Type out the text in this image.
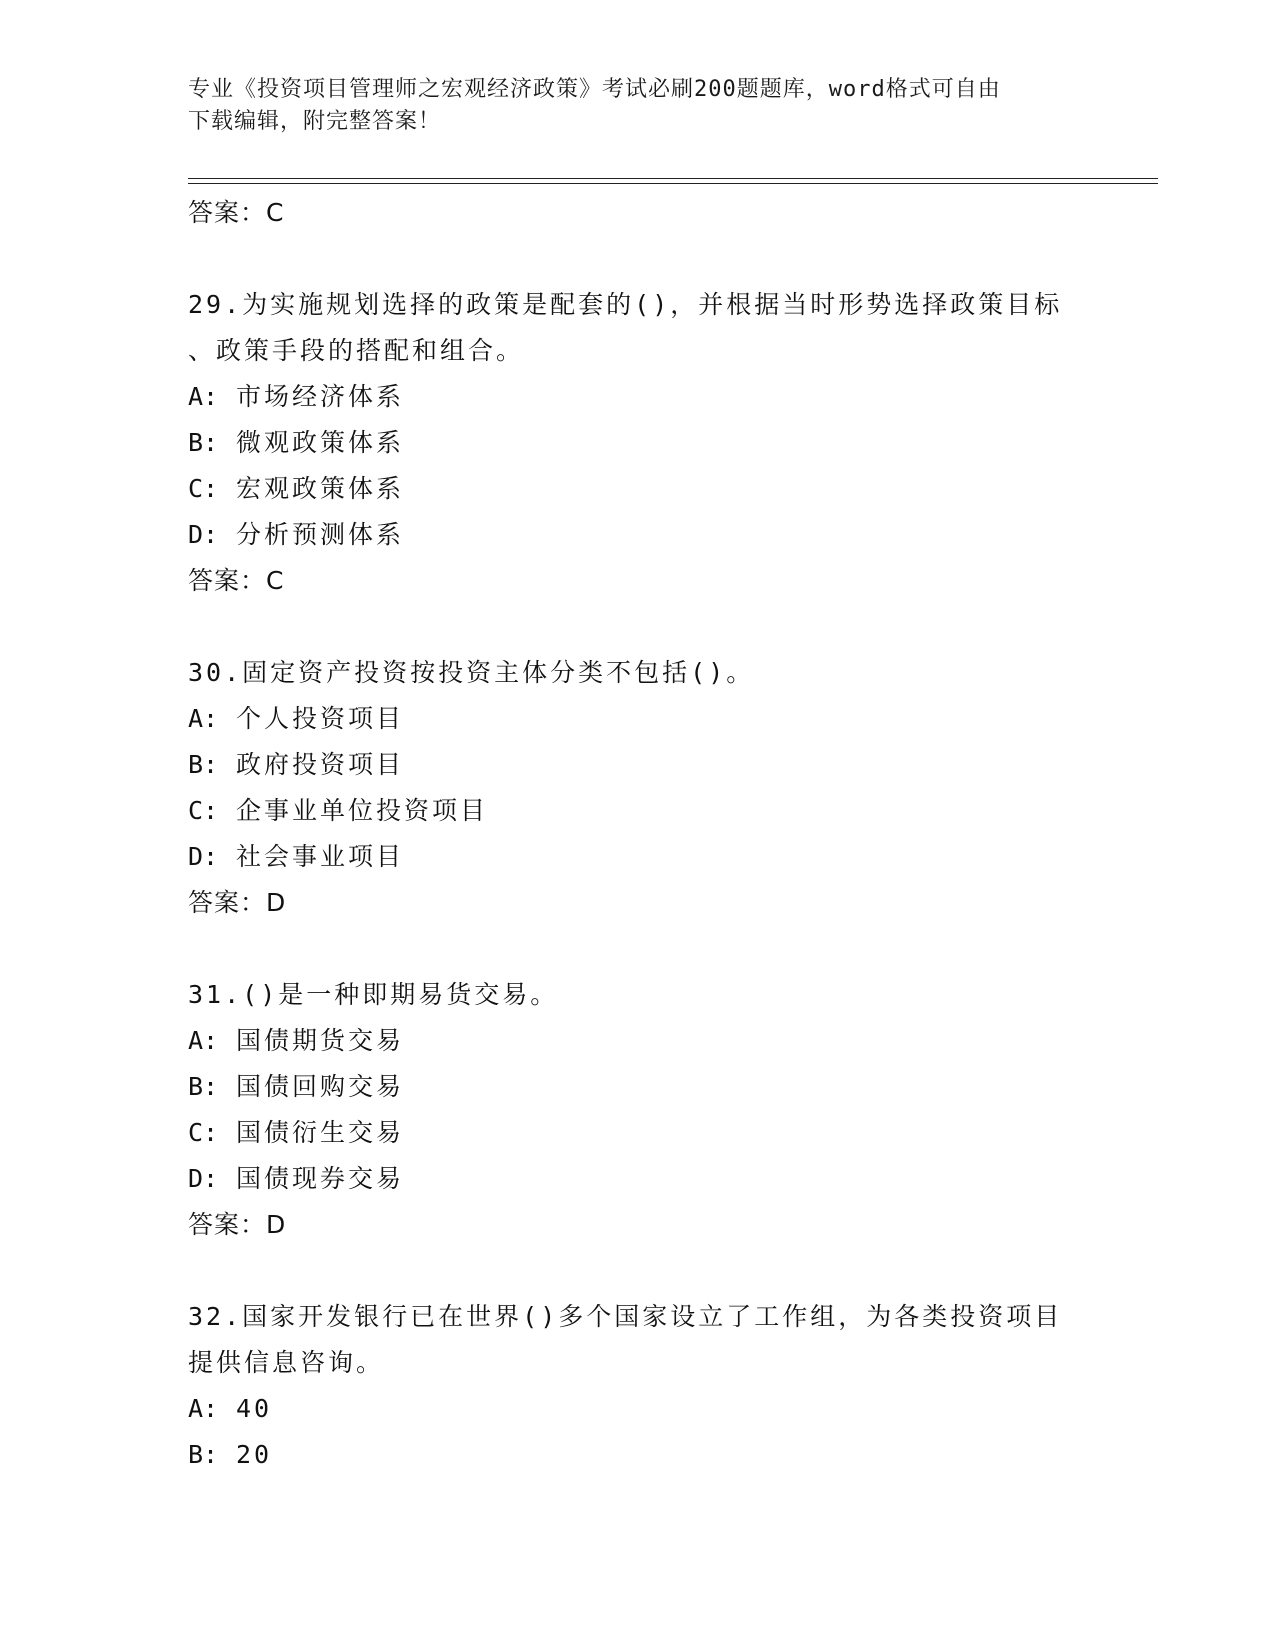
专业《投资项目管理师之宏观经济政策》考试必刷200题题库，word格式可自由
下载编辑，附完整答案！
答案：C
29.为实施规划选择的政策是配套的()，并根据当时形势选择政策目标
、政策手段的搭配和组合。
A: 市场经济体系
B: 微观政策体系
C: 宏观政策体系
D: 分析预测体系
答案：C
30.固定资产投资按投资主体分类不包括()。
A: 个人投资项目
B: 政府投资项目
C: 企事业单位投资项目
D: 社会事业项目
答案：D
31.()是一种即期易货交易。
A: 国债期货交易
B: 国债回购交易
C: 国债衍生交易
D: 国债现券交易
答案：D
32.国家开发银行已在世界()多个国家设立了工作组，为各类投资项目
提供信息咨询。
A: 40
B: 20
